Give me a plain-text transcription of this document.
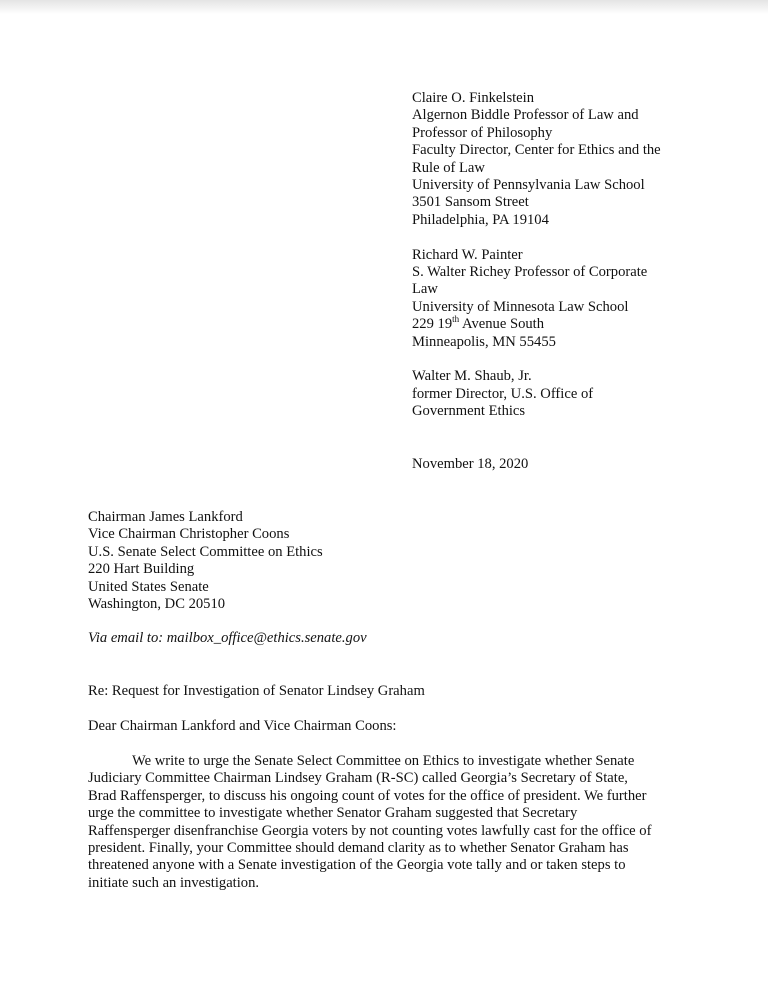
Claire O. Finkelstein
Algernon Biddle Professor of Law and
Professor of Philosophy
Faculty Director, Center for Ethics and the
Rule of Law
University of Pennsylvania Law School
3501 Sansom Street
Philadelphia, PA 19104
Richard W. Painter
S. Walter Richey Professor of Corporate
Law
University of Minnesota Law School
229 19th Avenue South
Minneapolis, MN 55455
Walter M. Shaub, Jr.
former Director, U.S. Office of
Government Ethics
November 18, 2020
Chairman James Lankford
Vice Chairman Christopher Coons
U.S. Senate Select Committee on Ethics
220 Hart Building
United States Senate
Washington, DC 20510
Via email to: mailbox_office@ethics.senate.gov
Re: Request for Investigation of Senator Lindsey Graham
Dear Chairman Lankford and Vice Chairman Coons:
We write to urge the Senate Select Committee on Ethics to investigate whether Senate
Judiciary Committee Chairman Lindsey Graham (R-SC) called Georgia’s Secretary of State,
Brad Raffensperger, to discuss his ongoing count of votes for the office of president. We further
urge the committee to investigate whether Senator Graham suggested that Secretary
Raffensperger disenfranchise Georgia voters by not counting votes lawfully cast for the office of
president. Finally, your Committee should demand clarity as to whether Senator Graham has
threatened anyone with a Senate investigation of the Georgia vote tally and or taken steps to
initiate such an investigation.
